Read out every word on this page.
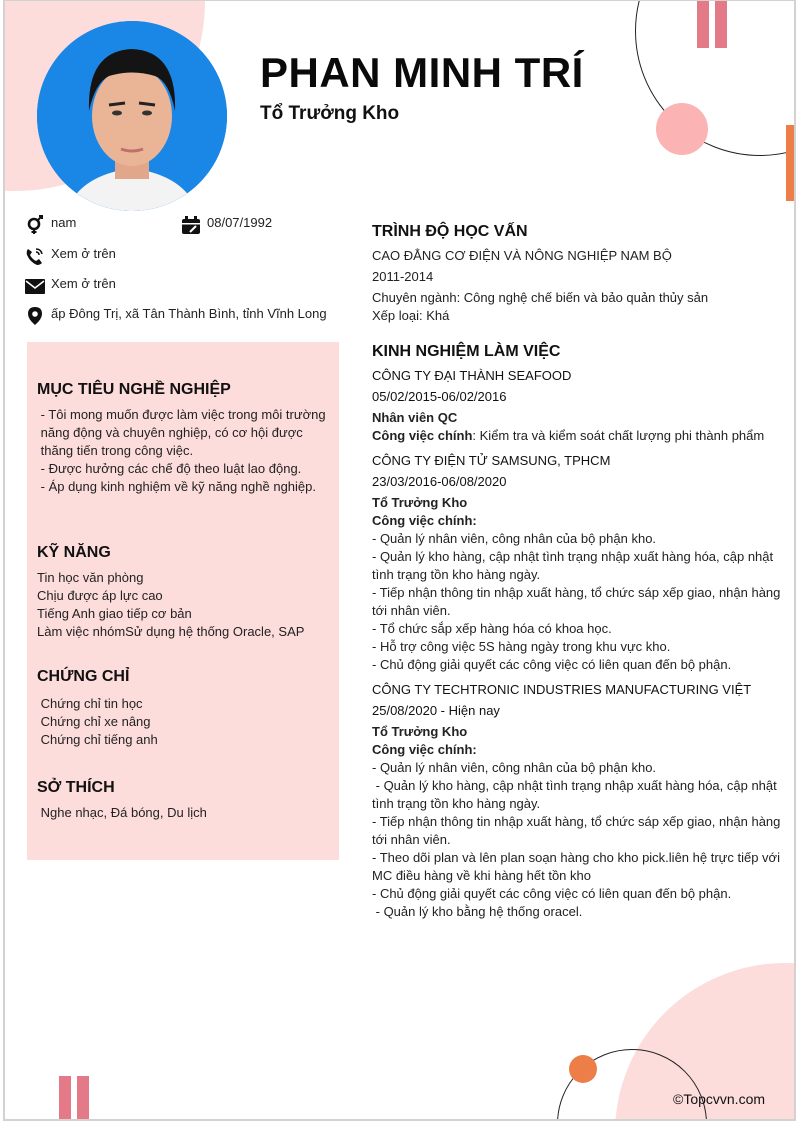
PHAN MINH TRÍ
Tổ Trưởng Kho
nam	08/07/1992
Xem ở trên
Xem ở trên
ấp Đông Trị, xã Tân Thành Bình, tỉnh Vĩnh Long
MỤC TIÊU NGHỀ NGHIỆP
- Tôi mong muốn được làm việc trong môi trường
năng động và chuyên nghiệp, có cơ hội được
thăng tiến trong công việc.
- Được hưởng các chế độ theo luật lao động.
- Áp dụng kinh nghiệm về kỹ năng nghề nghiệp.
KỸ NĂNG
Tin học văn phòng
Chịu được áp lực cao
Tiếng Anh giao tiếp cơ bản
Làm việc nhómSử dụng hệ thống Oracle, SAP
CHỨNG CHỈ
Chứng chỉ tin học
Chứng chỉ xe nâng
Chứng chỉ tiếng anh
SỞ THÍCH
Nghe nhạc, Đá bóng, Du lịch
TRÌNH ĐỘ HỌC VẤN
CAO ĐẲNG CƠ ĐIỆN VÀ NÔNG NGHIỆP NAM BỘ
2011-2014
Chuyên ngành: Công nghệ chế biến và bảo quản thủy sản
Xếp loại: Khá
KINH NGHIỆM LÀM VIỆC
CÔNG TY ĐẠI THÀNH SEAFOOD
05/02/2015-06/02/2016
Nhân viên QC
Công việc chính: Kiểm tra và kiểm soát chất lượng phi thành phẩm
CÔNG TY ĐIỆN TỬ SAMSUNG, TPHCM
23/03/2016-06/08/2020
Tổ Trưởng Kho
Công việc chính:
- Quản lý nhân viên, công nhân của bộ phận kho.
- Quản lý kho hàng, cập nhật tình trạng nhập xuất hàng hóa, cập nhật tình trạng tồn kho hàng ngày.
- Tiếp nhận thông tin nhập xuất hàng, tổ chức sáp xếp giao, nhận hàng tới nhân viên.
- Tổ chức sắp xếp hàng hóa có khoa học.
- Hỗ trợ công việc 5S hàng ngày trong khu vực kho.
- Chủ động giải quyết các công việc có liên quan đến bộ phận.
CÔNG TY TECHTRONIC INDUSTRIES MANUFACTURING VIỆT
25/08/2020 - Hiện nay
Tổ Trưởng Kho
Công việc chính:
- Quản lý nhân viên, công nhân của bộ phận kho.
- Quản lý kho hàng, cập nhật tình trạng nhập xuất hàng hóa, cập nhật tình trạng tồn kho hàng ngày.
- Tiếp nhận thông tin nhập xuất hàng, tổ chức sáp xếp giao, nhận hàng tới nhân viên.
- Theo dõi plan và lên plan soạn hàng cho kho pick.liên hệ trực tiếp với MC điều hàng về khi hàng hết tồn kho
- Chủ động giải quyết các công việc có liên quan đến bộ phận.
- Quản lý kho bằng hệ thống oracel.
©Topcvvn.com
